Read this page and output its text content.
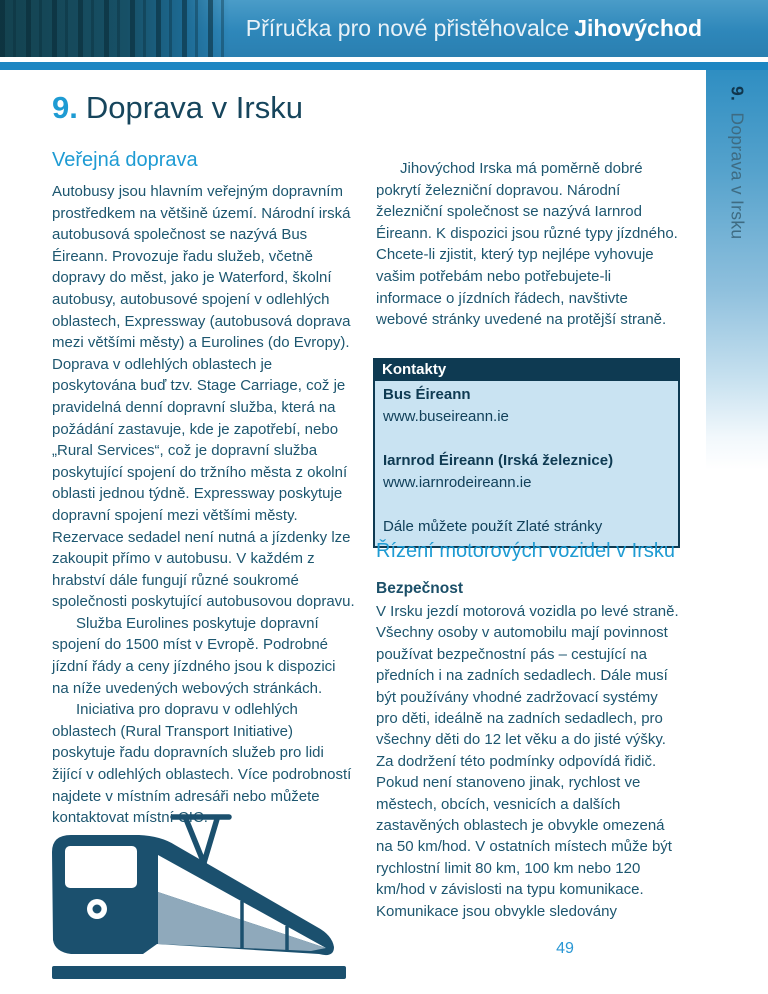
Příručka pro nové přistěhovalce Jihovýchod
9. Doprava v Irsku
9. Doprava v Irsku
Veřejná doprava

Autobusy jsou hlavním veřejným dopravním prostředkem na většině území. Národní irská autobusová společnost se nazývá Bus Éireann. Provozuje řadu služeb, včetně dopravy do měst, jako je Waterford, školní autobusy, autobusové spojení v odlehlých oblastech, Expressway (autobusová doprava mezi většími městy) a Eurolines (do Evropy). Doprava v odlehlých oblastech je poskytována buď tzv. Stage Carriage, což je pravidelná denní dopravní služba, která na požádání zastavuje, kde je zapotřebí, nebo „Rural Services“, což je dopravní služba poskytující spojení do tržního města z okolní oblasti jednou týdně. Expressway poskytuje dopravní spojení mezi většími městy. Rezervace sedadel není nutná a jízdenky lze zakoupit přímo v autobusu. V každém z hrabství dále fungují různé soukromé společnosti poskytující autobusovou dopravu.

Služba Eurolines poskytuje dopravní spojení do 1500 míst v Evropě. Podrobné jízdní řády a ceny jízdného jsou k dispozici na níže uvedených webových stránkách.

Iniciativa pro dopravu v odlehlých oblastech (Rural Transport Initiative) poskytuje řadu dopravních služeb pro lidi žijící v odlehlých oblastech. Více podrobností najdete v místním adresáři nebo můžete kontaktovat místní CIC.

Jihovýchod Irska má poměrně dobré pokrytí železniční dopravou. Národní železniční společnost se nazývá Iarnrod Éireann. K dispozici jsou různé typy jízdného. Chcete-li zjistit, který typ nejlépe vyhovuje vašim potřebám nebo potřebujete-li informace o jízdních řádech, navštivte webové stránky uvedené na protější straně.

Kontakty
Bus Éireann
www.buseireann.ie
Iarnrod Éireann (Irská železnice)
www.iarnrodeireann.ie
Dále můžete použít Zlaté stránky
Řízení motorových vozidel v Irsku
Bezpečnost
V Irsku jezdí motorová vozidla po levé straně. Všechny osoby v automobilu mají povinnost používat bezpečnostní pás – cestující na předních i na zadních sedadlech. Dále musí být používány vhodné zadržovací systémy pro děti, ideálně na zadních sedadlech, pro všechny děti do 12 let věku a do jisté výšky. Za dodržení této podmínky odpovídá řidič. Pokud není stanoveno jinak, rychlost ve městech, obcích, vesnicích a dalších zastavěných oblastech je obvykle omezená na 50 km/hod. V ostatních místech může být rychlostní limit 80 km, 100 km nebo 120 km/hod v závislosti na typu komunikace. Komunikace jsou obvykle sledovány
49
